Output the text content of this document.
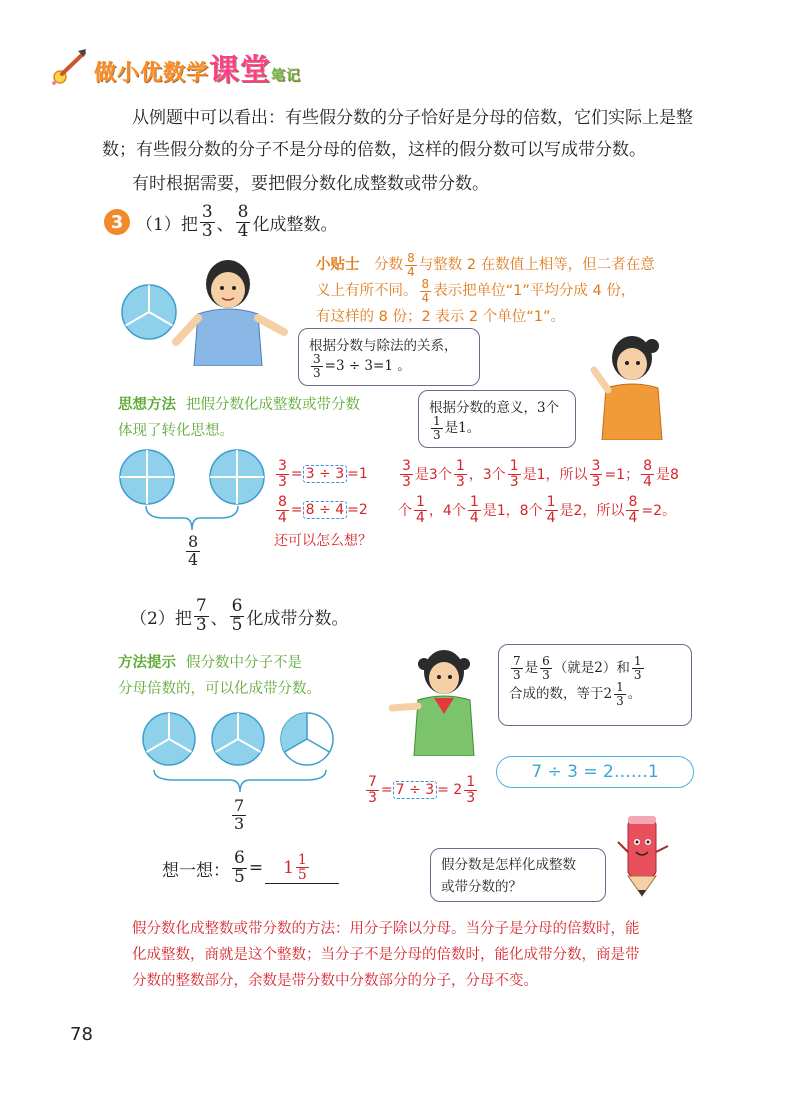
做小优数学课堂笔记
从例题中可以看出：有些假分数的分子恰好是分母的倍数，它们实际上是整
数；有些假分数的分子不是分母的倍数，这样的假分数可以写成带分数。
有时根据需要，要把假分数化成整数或带分数。
3 （1）把 $\frac{3}{3}$ 、 $\frac{8}{4}$ 化成整数。
小贴士 分数 $\frac{8}{4}$ 与整数 2 在数值上相等，但二者在意
义上有所不同。 $\frac{8}{4}$ 表示把单位“1”平均分成 4 份，
有这样的 8 份；2 表示 2 个单位“1”。
根据分数与除法的关系，
$\frac{3}{3} =3 \div 3=1$ 。
思想方法 把假分数化成整数或带分数
体现了转化思想。
根据分数的意义，3个
$\frac{1}{3}$ 是1。
$\frac{3}{3} = 3 \div 3 =1$
$\frac{8}{4} = 8 \div 4 =2$
还可以怎么想？
$\frac{3}{3}$ 是3个 $\frac{1}{3}$ ，3个 $\frac{1}{3}$ 是1，所以 $\frac{3}{3} =1$； $\frac{8}{4}$ 是8
个 $\frac{1}{4}$ ，4个 $\frac{1}{4}$ 是1，8个 $\frac{1}{4}$ 是2，所以 $\frac{8}{4} =2$。
$\frac{8}{4}$
（2）把 $\frac{7}{3}$ 、 $\frac{6}{5}$ 化成带分数。
方法提示 假分数中分子不是
分母倍数的，可以化成带分数。
$\frac{7}{3}$ 是 $\frac{6}{3}$ （就是2）和 $\frac{1}{3}$
合成的数，等于$2 \frac{1}{3}$ 。
$\frac{7}{3} = 7 \div 3 = 2 \frac{1}{3}$
7 ÷ 3 = 2……1
$\frac{7}{3}$
想一想： $\frac{6}{5} = 1 \frac{1}{5}$	假分数是怎样化成整数
或带分数的？
假分数化成整数或带分数的方法：用分子除以分母。当分子是分母的倍数时，能
化成整数，商就是这个整数；当分子不是分母的倍数时，能化成带分数，商是带
分数的整数部分，余数是带分数中分数部分的分子，分母不变。
78
